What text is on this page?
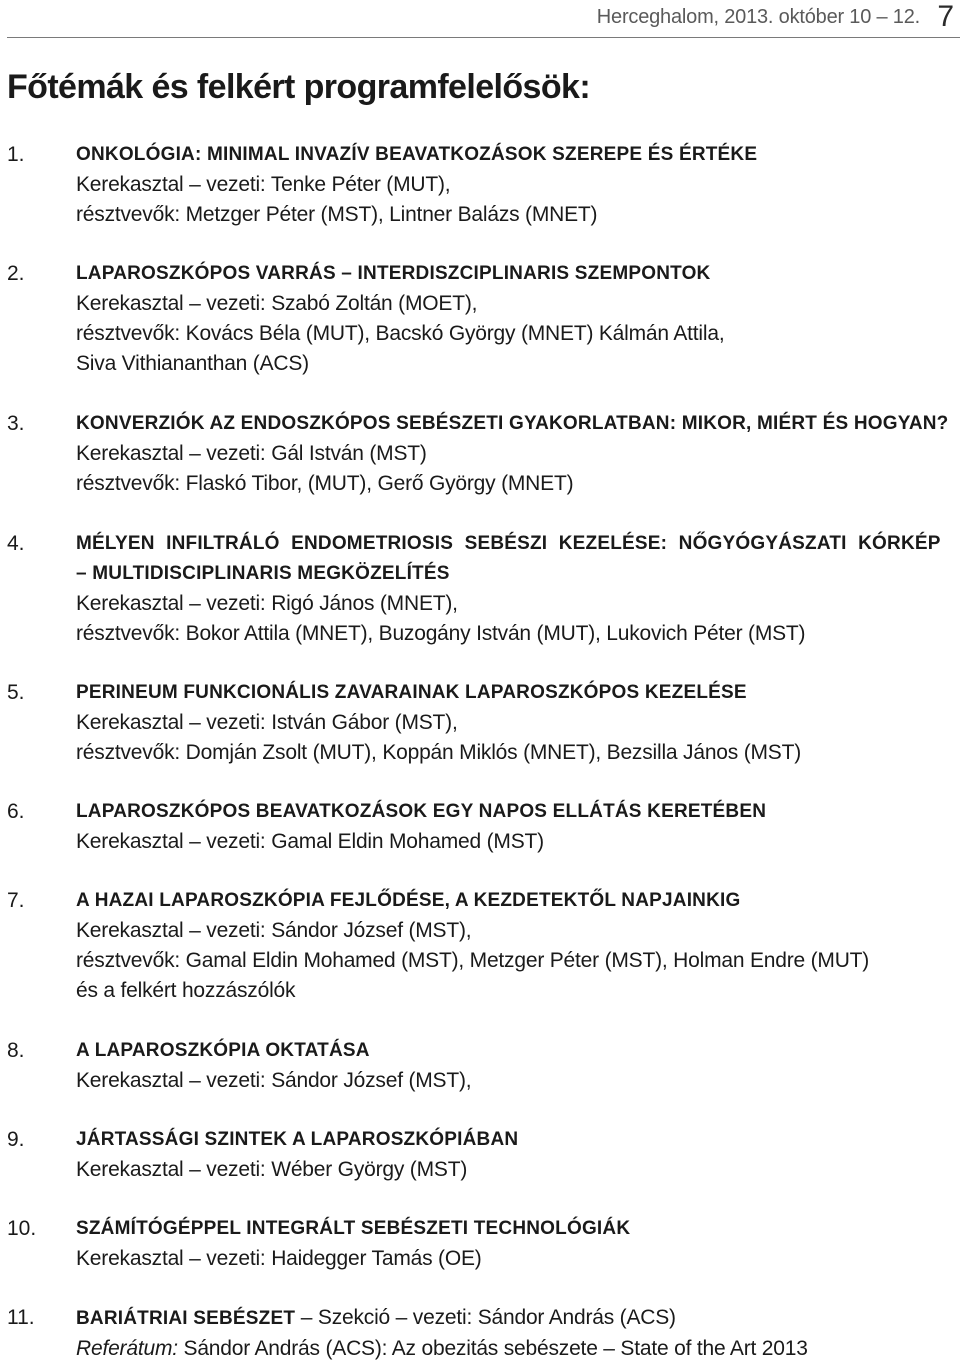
Herceghalom, 2013. október 10 – 12. 7
Főtémák és felkért programfelelősök:
1.	ONKOLÓGIA: MINIMAL INVAZÍV BEAVATKOZÁSOK SZEREPE ÉS ÉRTÉKE
Kerekasztal – vezeti: Tenke Péter (MUT),
résztvevők: Metzger Péter (MST), Lintner Balázs (MNET)
2.	LAPAROSZKÓPOS VARRÁS – INTERDISZCIPLINARIS SZEMPONTOK
Kerekasztal – vezeti: Szabó Zoltán (MOET),
résztvevők: Kovács Béla (MUT), Bacskó György (MNET) Kálmán Attila,
Siva Vithiananthan (ACS)
3.	KONVERZIÓK AZ ENDOSZKÓPOS SEBÉSZETI GYAKORLATBAN: MIKOR, MIÉRT ÉS HOGYAN?
Kerekasztal – vezeti: Gál István (MST)
résztvevők: Flaskó Tibor, (MUT), Gerő György (MNET)
4.	MÉLYEN INFILTRÁLÓ ENDOMETRIOSIS SEBÉSZI KEZELÉSE: NŐGYÓGYÁSZATI KÓRKÉP
– MULTIDISCIPLINARIS MEGKÖZELÍTÉS
Kerekasztal – vezeti: Rigó János (MNET),
résztvevők: Bokor Attila (MNET), Buzogány István (MUT), Lukovich Péter (MST)
5.	PERINEUM FUNKCIONÁLIS ZAVARAINAK LAPAROSZKÓPOS KEZELÉSE
Kerekasztal – vezeti: István Gábor (MST),
résztvevők: Domján Zsolt (MUT), Koppán Miklós (MNET), Bezsilla János (MST)
6.	LAPAROSZKÓPOS BEAVATKOZÁSOK EGY NAPOS ELLÁTÁS KERETÉBEN
Kerekasztal – vezeti: Gamal Eldin Mohamed (MST)
7.	A HAZAI LAPAROSZKÓPIA FEJLŐDÉSE, A KEZDETEKTŐL NAPJAINKIG
Kerekasztal – vezeti: Sándor József (MST),
résztvevők: Gamal Eldin Mohamed (MST), Metzger Péter (MST), Holman Endre (MUT)
és a felkért hozzászólók
8.	A LAPAROSZKÓPIA OKTATÁSA
Kerekasztal – vezeti: Sándor József (MST),
9.	JÁRTASSÁGI SZINTEK A LAPAROSZKÓPIÁBAN
Kerekasztal – vezeti: Wéber György (MST)
10. SZÁMÍTÓGÉPPEL INTEGRÁLT SEBÉSZETI TECHNOLÓGIÁK
Kerekasztal – vezeti: Haidegger Tamás (OE)
11. BARIÁTRIAI SEBÉSZET – Szekció – vezeti: Sándor András (ACS)
Referátum: Sándor András (ACS): Az obezitás sebészete – State of the Art 2013
